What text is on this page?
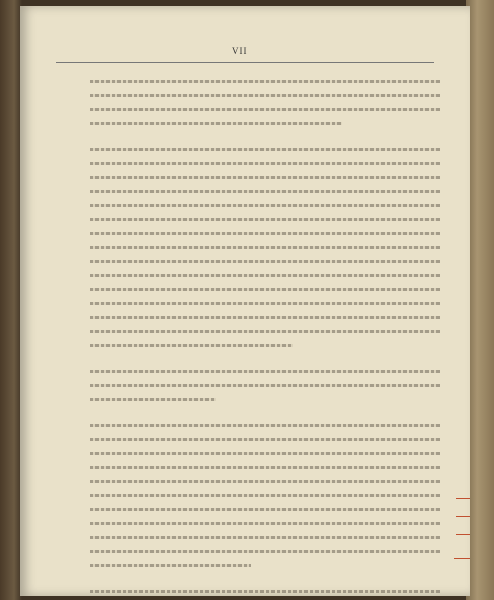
VII
